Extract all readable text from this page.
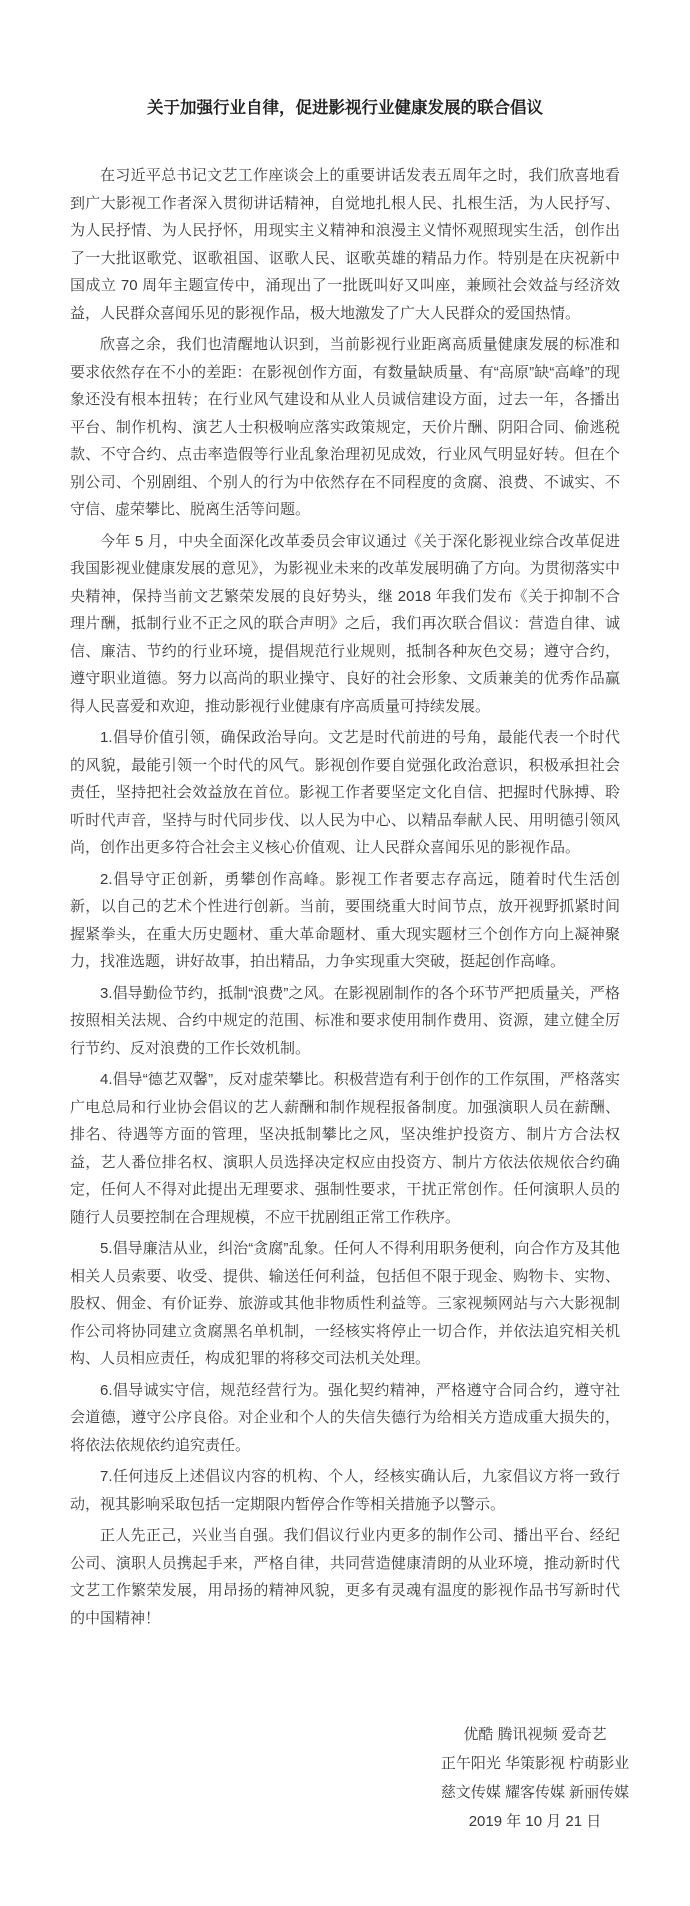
关于加强行业自律，促进影视行业健康发展的联合倡议

在习近平总书记文艺工作座谈会上的重要讲话发表五周年之时，我们欣喜地看到广大影视工作者深入贯彻讲话精神，自觉地扎根人民、扎根生活，为人民抒写、为人民抒情、为人民抒怀，用现实主义精神和浪漫主义情怀观照现实生活，创作出了一大批讴歌党、讴歌祖国、讴歌人民、讴歌英雄的精品力作。特别是在庆祝新中国成立 70 周年主题宣传中，涌现出了一批既叫好又叫座，兼顾社会效益与经济效益，人民群众喜闻乐见的影视作品，极大地激发了广大人民群众的爱国热情。

欣喜之余，我们也清醒地认识到，当前影视行业距离高质量健康发展的标准和要求依然存在不小的差距：在影视创作方面，有数量缺质量、有“高原”缺“高峰”的现象还没有根本扭转；在行业风气建设和从业人员诚信建设方面，过去一年，各播出平台、制作机构、演艺人士积极响应落实政策规定，天价片酬、阴阳合同、偷逃税款、不守合约、点击率造假等行业乱象治理初见成效，行业风气明显好转。但在个别公司、个别剧组、个别人的行为中依然存在不同程度的贪腐、浪费、不诚实、不守信、虚荣攀比、脱离生活等问题。

今年 5 月，中央全面深化改革委员会审议通过《关于深化影视业综合改革促进我国影视业健康发展的意见》，为影视业未来的改革发展明确了方向。为贯彻落实中央精神，保持当前文艺繁荣发展的良好势头，继 2018 年我们发布《关于抑制不合理片酬，抵制行业不正之风的联合声明》之后，我们再次联合倡议：营造自律、诚信、廉洁、节约的行业环境，提倡规范行业规则，抵制各种灰色交易；遵守合约，遵守职业道德。努力以高尚的职业操守、良好的社会形象、文质兼美的优秀作品赢得人民喜爱和欢迎，推动影视行业健康有序高质量可持续发展。

1.倡导价值引领，确保政治导向。文艺是时代前进的号角，最能代表一个时代的风貌，最能引领一个时代的风气。影视创作要自觉强化政治意识，积极承担社会责任，坚持把社会效益放在首位。影视工作者要坚定文化自信、把握时代脉搏、聆听时代声音，坚持与时代同步伐、以人民为中心、以精品奉献人民、用明德引领风尚，创作出更多符合社会主义核心价值观、让人民群众喜闻乐见的影视作品。

2.倡导守正创新，勇攀创作高峰。影视工作者要志存高远，随着时代生活创新，以自己的艺术个性进行创新。当前，要围绕重大时间节点，放开视野抓紧时间握紧拳头，在重大历史题材、重大革命题材、重大现实题材三个创作方向上凝神聚力，找准选题，讲好故事，拍出精品，力争实现重大突破，挺起创作高峰。

3.倡导勤俭节约，抵制“浪费”之风。在影视剧制作的各个环节严把质量关，严格按照相关法规、合约中规定的范围、标准和要求使用制作费用、资源，建立健全厉行节约、反对浪费的工作长效机制。

4.倡导“德艺双馨”，反对虚荣攀比。积极营造有利于创作的工作氛围，严格落实广电总局和行业协会倡议的艺人薪酬和制作规程报备制度。加强演职人员在薪酬、排名、待遇等方面的管理，坚决抵制攀比之风，坚决维护投资方、制片方合法权益，艺人番位排名权、演职人员选择决定权应由投资方、制片方依法依规依合约确定，任何人不得对此提出无理要求、强制性要求，干扰正常创作。任何演职人员的随行人员要控制在合理规模，不应干扰剧组正常工作秩序。

5.倡导廉洁从业，纠治“贪腐”乱象。任何人不得利用职务便利，向合作方及其他相关人员索要、收受、提供、输送任何利益，包括但不限于现金、购物卡、实物、股权、佣金、有价证券、旅游或其他非物质性利益等。三家视频网站与六大影视制作公司将协同建立贪腐黑名单机制，一经核实将停止一切合作，并依法追究相关机构、人员相应责任，构成犯罪的将移交司法机关处理。

6.倡导诚实守信，规范经营行为。强化契约精神，严格遵守合同合约，遵守社会道德，遵守公序良俗。对企业和个人的失信失德行为给相关方造成重大损失的，将依法依规依约追究责任。

7.任何违反上述倡议内容的机构、个人，经核实确认后，九家倡议方将一致行动，视其影响采取包括一定期限内暂停合作等相关措施予以警示。

正人先正己，兴业当自强。我们倡议行业内更多的制作公司、播出平台、经纪公司、演职人员携起手来，严格自律，共同营造健康清朗的从业环境，推动新时代文艺工作繁荣发展，用昂扬的精神风貌，更多有灵魂有温度的影视作品书写新时代的中国精神！

优酷 腾讯视频 爱奇艺
正午阳光 华策影视 柠萌影业
慈文传媒 耀客传媒 新丽传媒
2019 年 10 月 21 日
